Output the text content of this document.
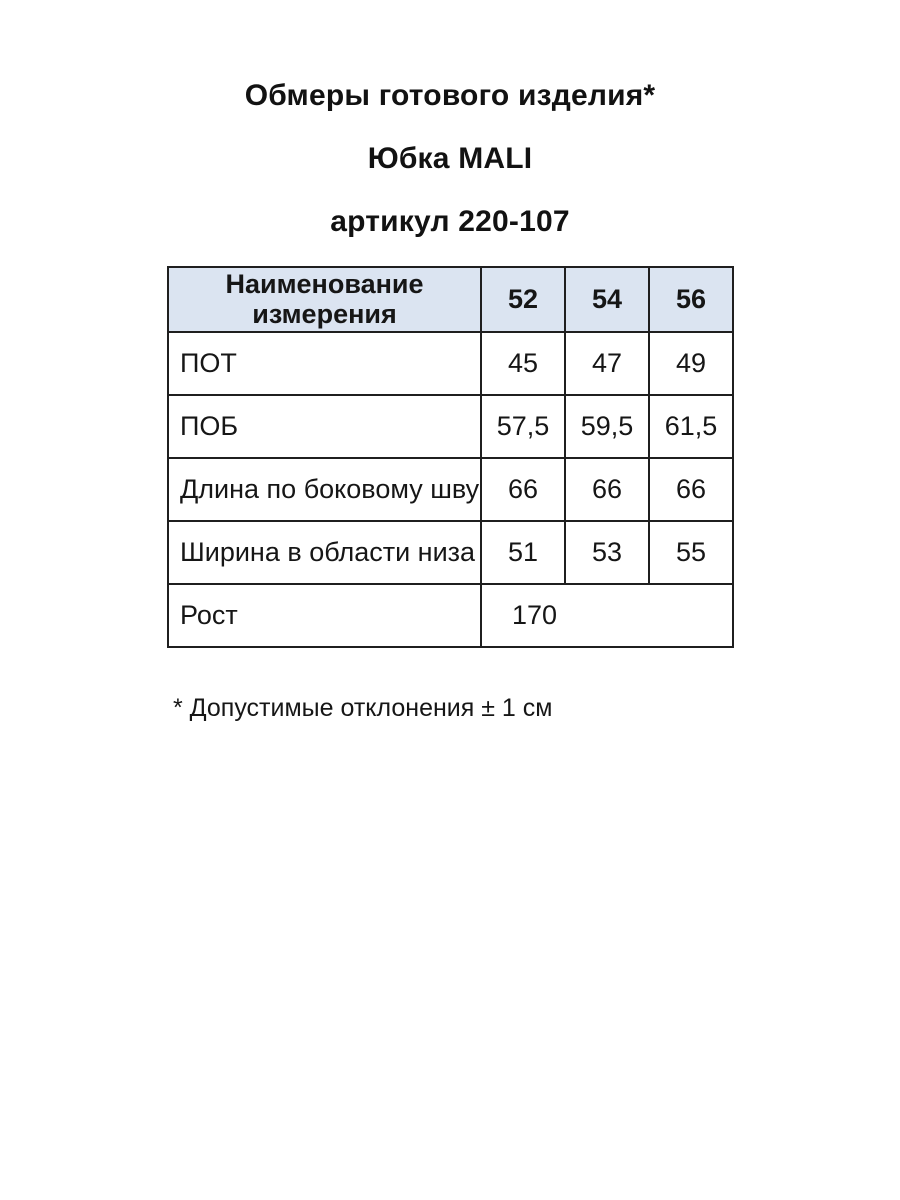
Обмеры готового изделия*
Юбка MALI
артикул 220-107
Наименование измерения	52	54	56
ПОТ	45	47	49
ПОБ	57,5	59,5	61,5
Длина по боковому шву	66	66	66
Ширина в области низа	51	53	55
Рост	170		
* Допустимые отклонения ± 1 см
